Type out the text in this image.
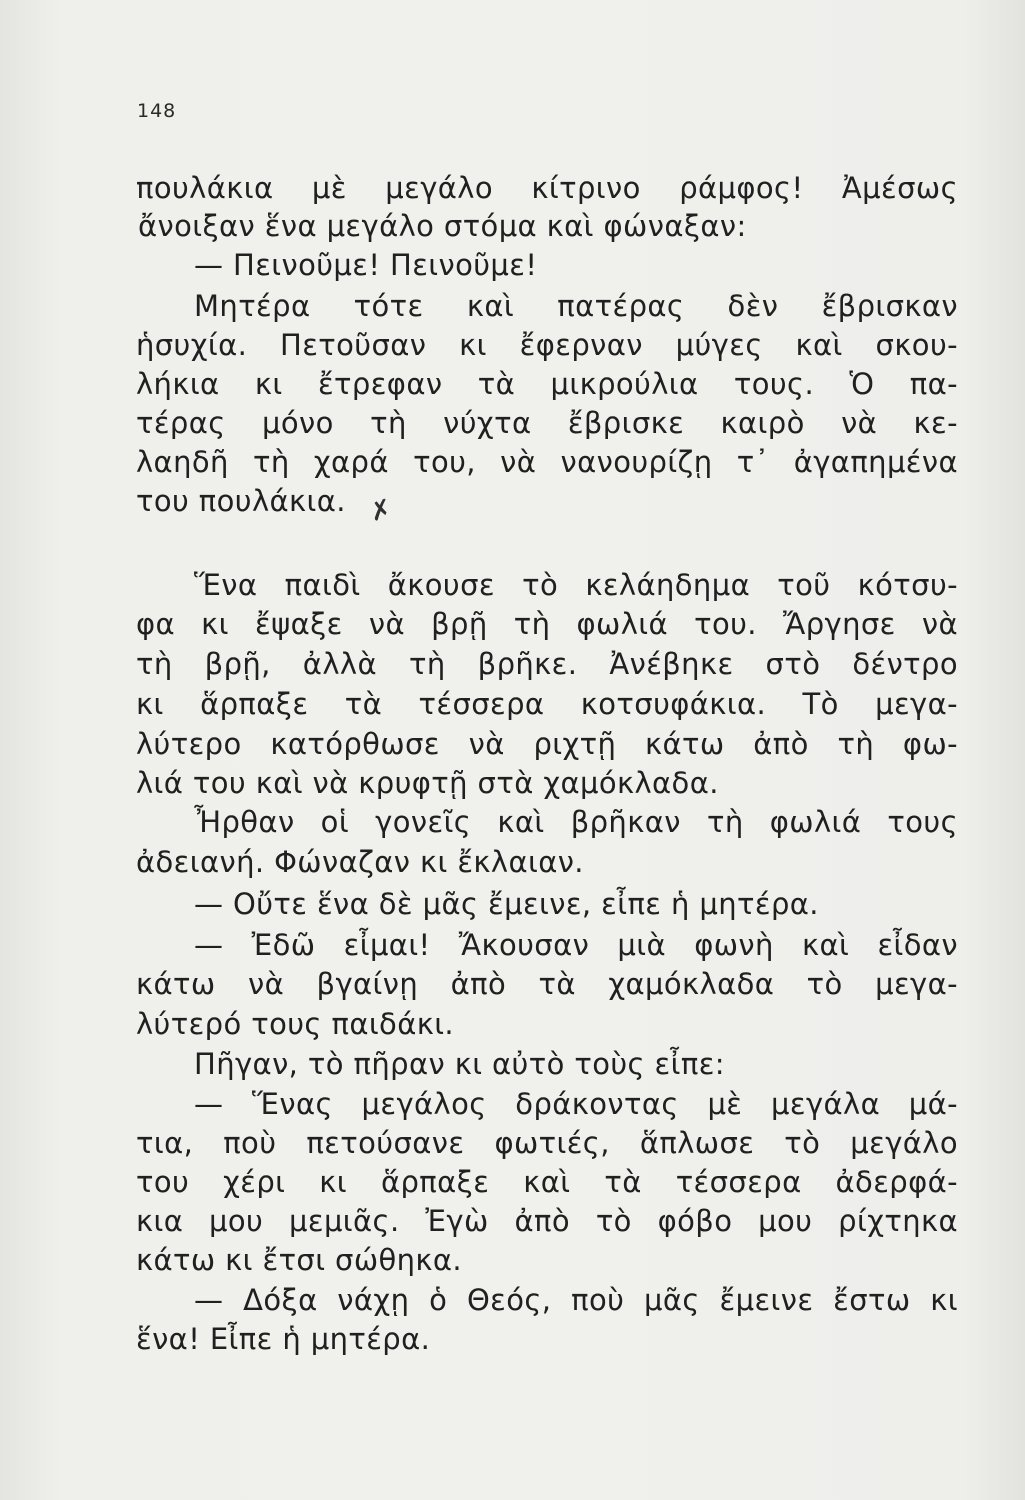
148
πουλάκια μὲ μεγάλο κίτρινο ράμφος! Ἀμέσως
ἄνοιξαν ἕνα μεγάλο στόμα καὶ φώναξαν:
— Πεινοῦμε! Πεινοῦμε!
Μητέρα τότε καὶ πατέρας δὲν ἔβρισκαν
ἡσυχία. Πετοῦσαν κι ἔφερναν μύγες καὶ σκου-
λήκια κι ἔτρεφαν τὰ μικρούλια τους. Ὁ πα-
τέρας μόνο τὴ νύχτα ἔβρισκε καιρὸ νὰ κε-
λαηδῆ τὴ χαρά του, νὰ νανουρίζῃ τ᾿ ἀγαπημένα
του πουλάκια.
Ἕνα παιδὶ ἄκουσε τὸ κελάηδημα τοῦ κότσυ-
φα κι ἔψαξε νὰ βρῇ τὴ φωλιά του. Ἄργησε νὰ
τὴ βρῇ, ἀλλὰ τὴ βρῆκε. Ἀνέβηκε στὸ δέντρο
κι ἅρπαξε τὰ τέσσερα κοτσυφάκια. Τὸ μεγα-
λύτερο κατόρθωσε νὰ ριχτῇ κάτω ἀπὸ τὴ φω-
λιά του καὶ νὰ κρυφτῇ στὰ χαμόκλαδα.
Ἦρθαν οἱ γονεῖς καὶ βρῆκαν τὴ φωλιά τους
ἀδειανή. Φώναζαν κι ἔκλαιαν.
— Οὔτε ἕνα δὲ μᾶς ἔμεινε, εἶπε ἡ μητέρα.
— Ἐδῶ εἶμαι! Ἄκουσαν μιὰ φωνὴ καὶ εἶδαν
κάτω νὰ βγαίνῃ ἀπὸ τὰ χαμόκλαδα τὸ μεγα-
λύτερό τους παιδάκι.
Πῆγαν, τὸ πῆραν κι αὐτὸ τοὺς εἶπε:
— Ἕνας μεγάλος δράκοντας μὲ μεγάλα μά-
τια, ποὺ πετούσανε φωτιές, ἅπλωσε τὸ μεγάλο
του χέρι κι ἅρπαξε καὶ τὰ τέσσερα ἀδερφά-
κια μου μεμιᾶς. Ἐγὼ ἀπὸ τὸ φόβο μου ρίχτηκα
κάτω κι ἔτσι σώθηκα.
— Δόξα νάχῃ ὁ Θεός, ποὺ μᾶς ἔμεινε ἔστω κι
ἕνα! Εἶπε ἡ μητέρα.
✗
